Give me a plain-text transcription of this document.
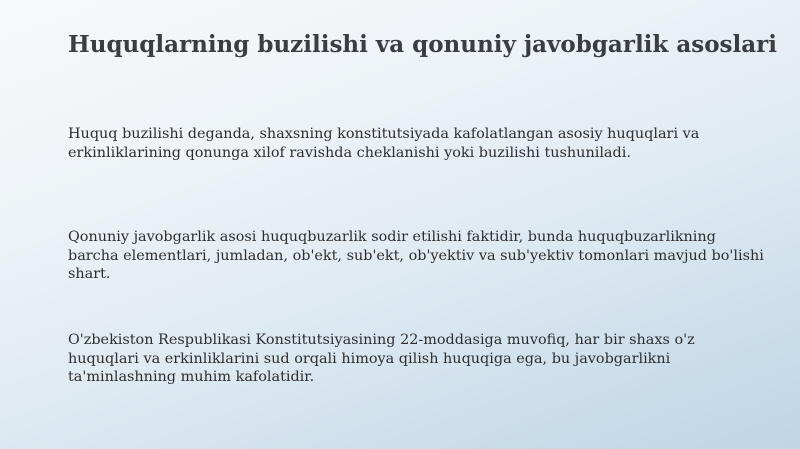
Huquqlarning buzilishi va qonuniy javobgarlik asoslari

Huquq buzilishi deganda, shaxsning konstitutsiyada kafolatlangan asosiy huquqlari va erkinliklarining qonunga xilof ravishda cheklanishi yoki buzilishi tushuniladi.

Qonuniy javobgarlik asosi huquqbuzarlik sodir etilishi faktidir, bunda huquqbuzarlikning barcha elementlari, jumladan, ob'ekt, sub'ekt, ob'yektiv va sub'yektiv tomonlari mavjud bo'lishi shart.

O'zbekiston Respublikasi Konstitutsiyasining 22-moddasiga muvofiq, har bir shaxs o'z huquqlari va erkinliklarini sud orqali himoya qilish huquqiga ega, bu javobgarlikni ta'minlashning muhim kafolatidir.
